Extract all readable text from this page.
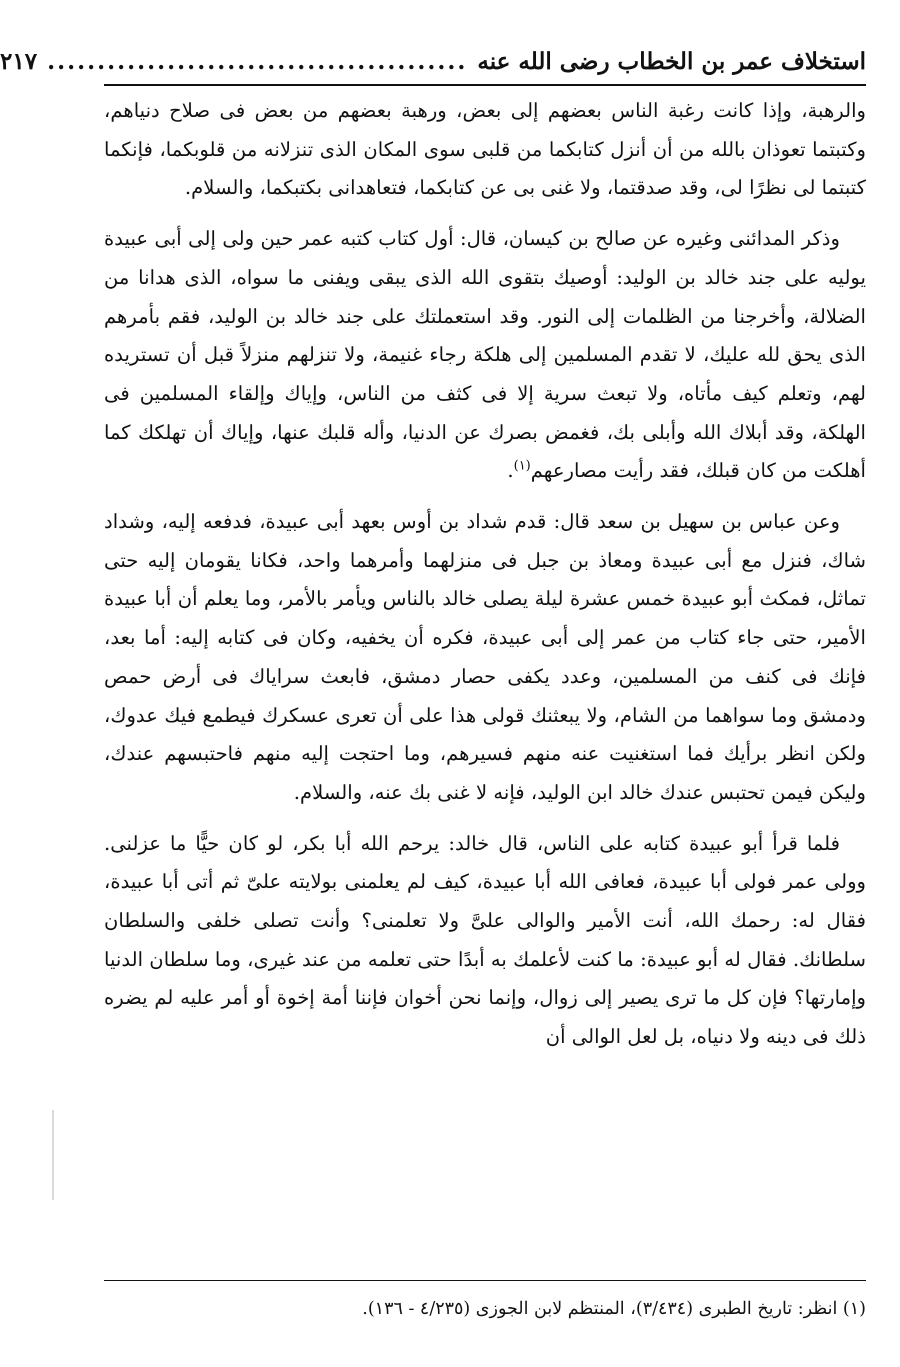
استخلاف عمر بن الخطاب رضى الله عنه
..........................................
٢١٧

والرهبة، وإذا كانت رغبة الناس بعضهم إلى بعض، ورهبة بعضهم من بعض فى صلاح دنياهم، وكتبتما تعوذان بالله من أن أنزل كتابكما من قلبى سوى المكان الذى تنزلانه من قلوبكما، فإنكما كتبتما لى نظرًا لى، وقد صدقتما، ولا غنى بى عن كتابكما، فتعاهدانى بكتبكما، والسلام.

وذكر المدائنى وغيره عن صالح بن كيسان، قال: أول كتاب كتبه عمر حين ولى إلى أبى عبيدة يوليه على جند خالد بن الوليد: أوصيك بتقوى الله الذى يبقى ويفنى ما سواه، الذى هدانا من الضلالة، وأخرجنا من الظلمات إلى النور. وقد استعملتك على جند خالد بن الوليد، فقم بأمرهم الذى يحق لله عليك، لا تقدم المسلمين إلى هلكة رجاء غنيمة، ولا تنزلهم منزلاً قبل أن تستريده لهم، وتعلم كيف مأتاه، ولا تبعث سرية إلا فى كثف من الناس، وإياك وإلقاء المسلمين فى الهلكة، وقد أبلاك الله وأبلى بك، فغمض بصرك عن الدنيا، وأله قلبك عنها، وإياك أن تهلكك كما أهلكت من كان قبلك، فقد رأيت مصارعهم$^{(١)}$.

وعن عباس بن سهيل بن سعد قال: قدم شداد بن أوس بعهد أبى عبيدة، فدفعه إليه، وشداد شاك، فنزل مع أبى عبيدة ومعاذ بن جبل فى منزلهما وأمرهما واحد، فكانا يقومان إليه حتى تماثل، فمكث أبو عبيدة خمس عشرة ليلة يصلى خالد بالناس ويأمر بالأمر، وما يعلم أن أبا عبيدة الأمير، حتى جاء كتاب من عمر إلى أبى عبيدة، فكره أن يخفيه، وكان فى كتابه إليه: أما بعد، فإنك فى كنف من المسلمين، وعدد يكفى حصار دمشق، فابعث سراياك فى أرض حمص ودمشق وما سواهما من الشام، ولا يبعثنك قولى هذا على أن تعرى عسكرك فيطمع فيك عدوك، ولكن انظر برأيك فما استغنيت عنه منهم فسيرهم، وما احتجت إليه منهم فاحتبسهم عندك، وليكن فيمن تحتبس عندك خالد ابن الوليد، فإنه لا غنى بك عنه، والسلام.

فلما قرأ أبو عبيدة كتابه على الناس، قال خالد: يرحم الله أبا بكر، لو كان حيًّا ما عزلنى. وولى عمر فولى أبا عبيدة، فعافى الله أبا عبيدة، كيف لم يعلمنى بولايته علىّ ثم أتى أبا عبيدة، فقال له: رحمك الله، أنت الأمير والوالى علىَّ ولا تعلمنى؟ وأنت تصلى خلفى والسلطان سلطانك. فقال له أبو عبيدة: ما كنت لأعلمك به أبدًا حتى تعلمه من عند غيرى، وما سلطان الدنيا وإمارتها؟ فإن كل ما ترى يصير إلى زوال، وإنما نحن أخوان فإننا أمة إخوة أو أمر عليه لم يضره ذلك فى دينه ولا دنياه، بل لعل الوالى أن

(١) انظر: تاريخ الطبرى (٣/٤٣٤)، المنتظم لابن الجوزى (٤/٢٣٥ - ١٣٦).
